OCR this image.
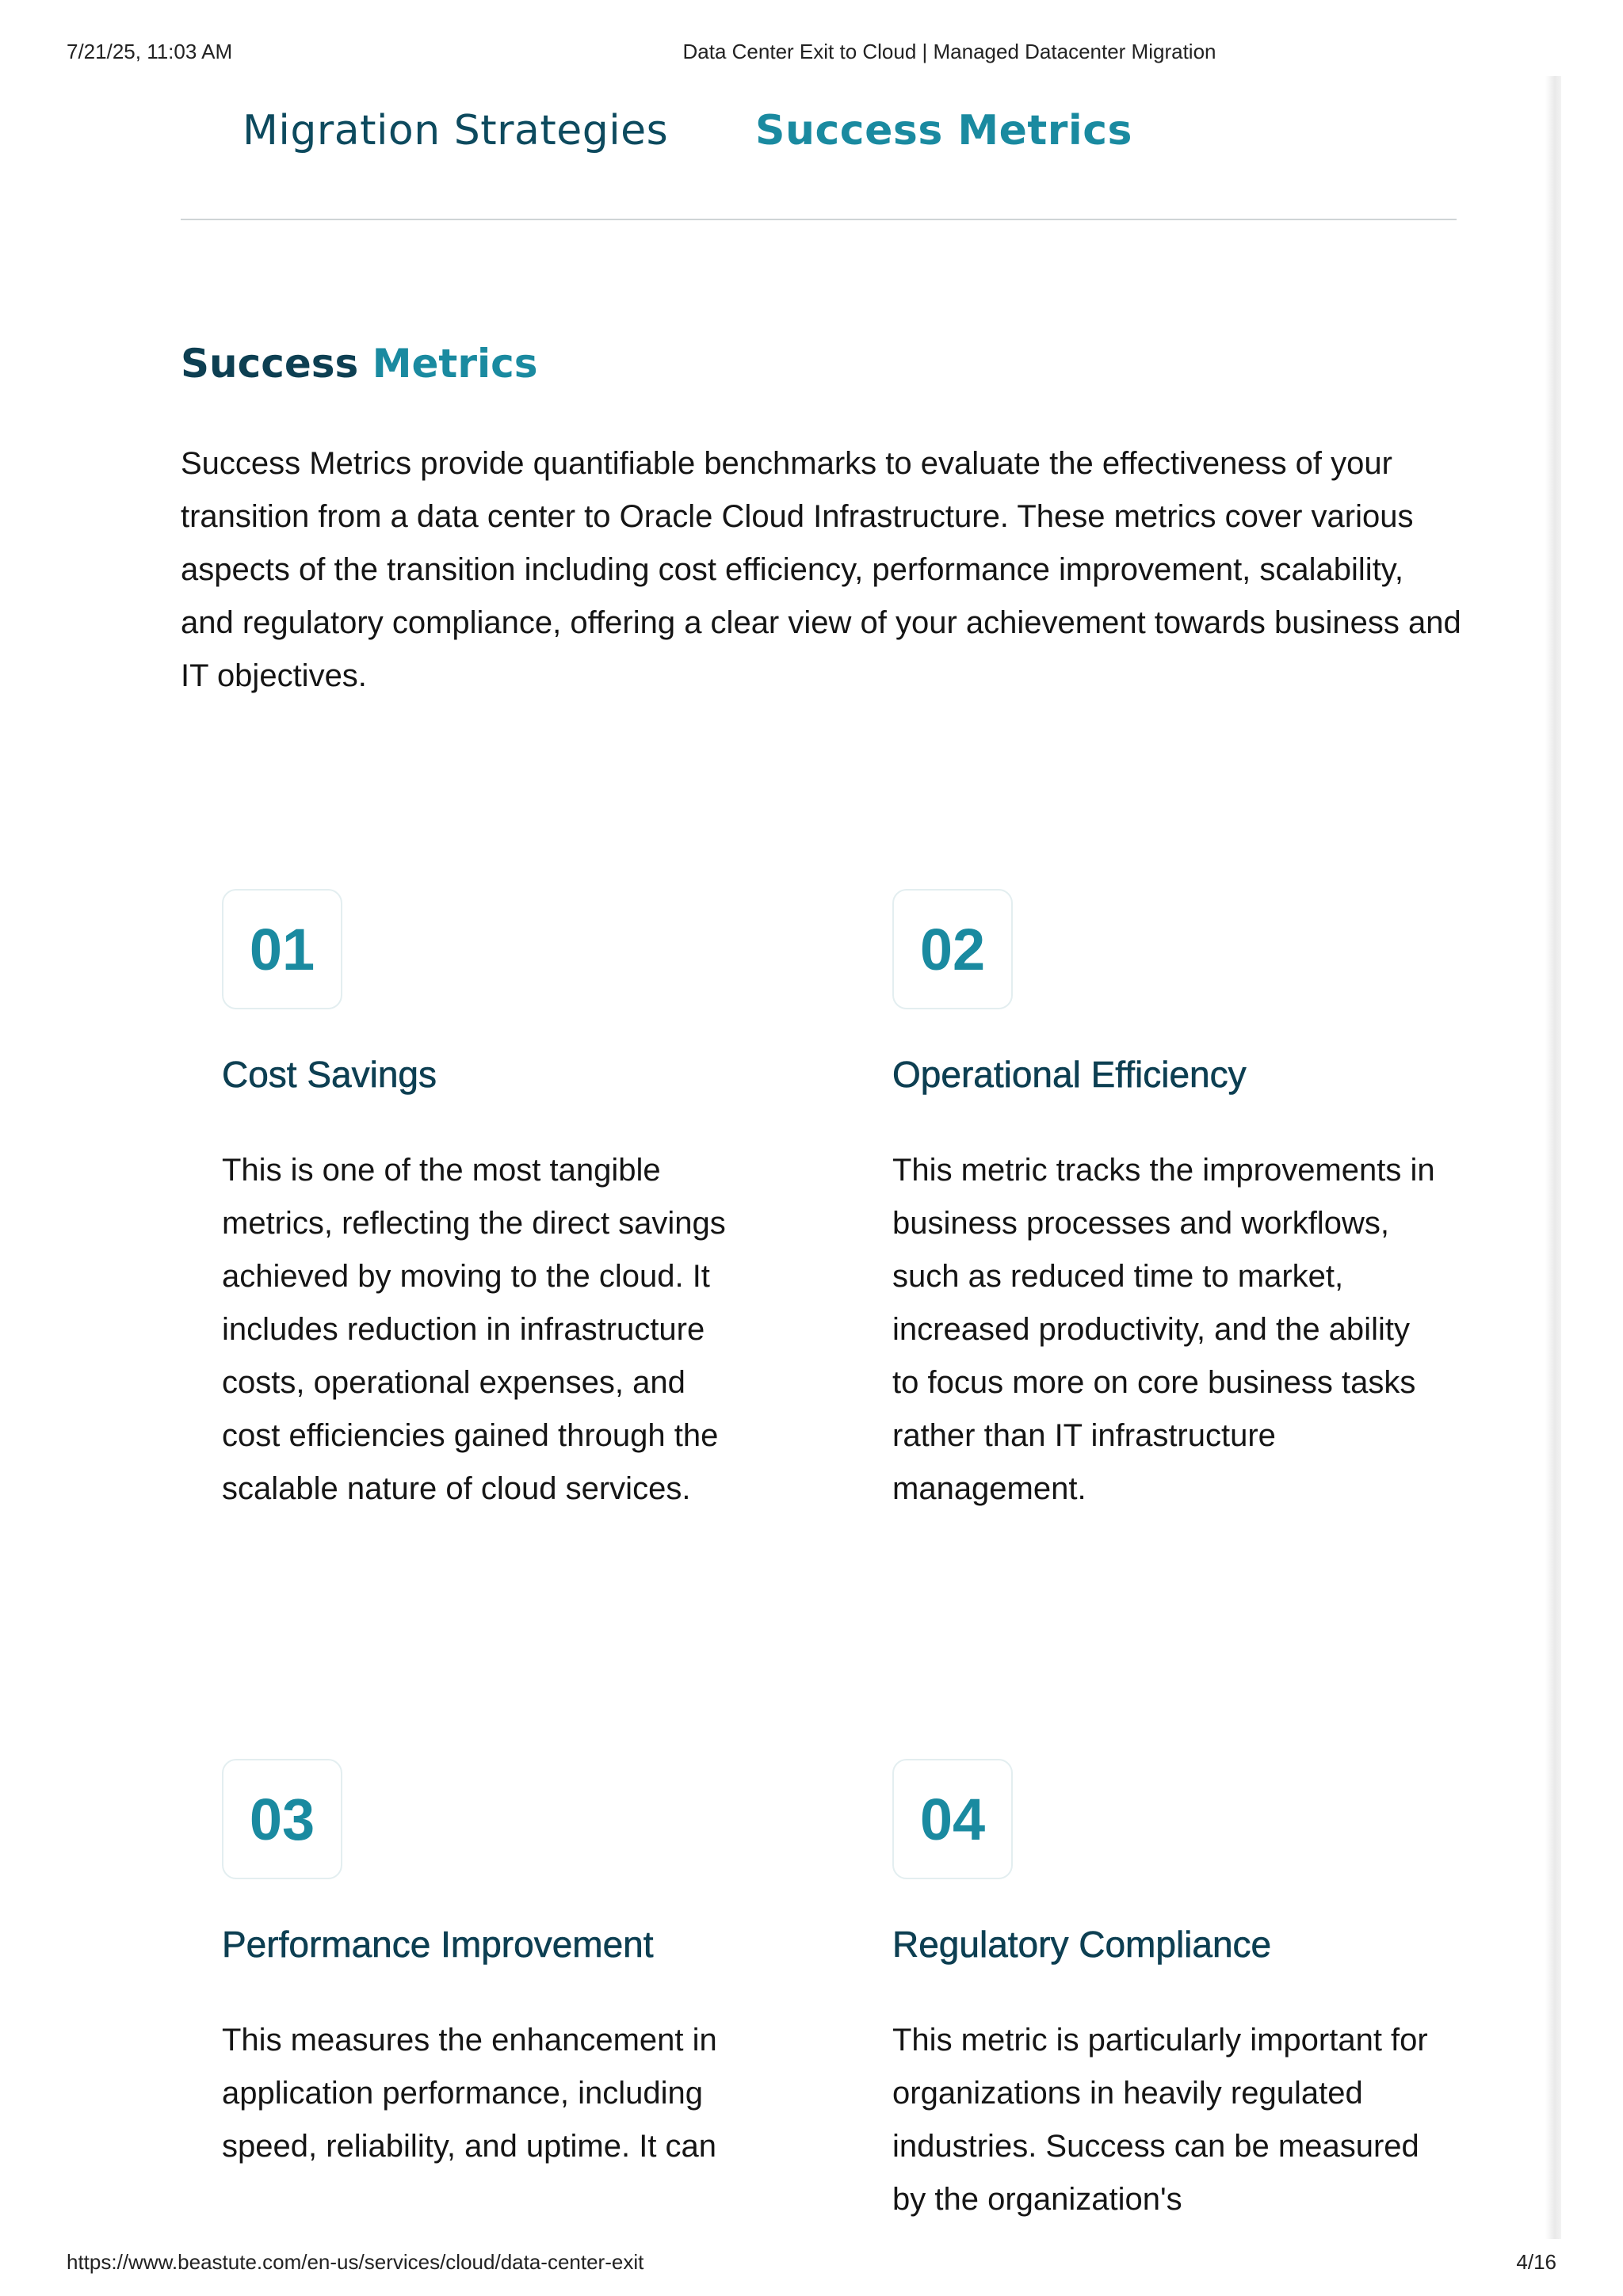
7/21/25, 11:03 AM	Data Center Exit to Cloud | Managed Datacenter Migration
Migration Strategies Success Metrics
Success Metrics

Success Metrics provide quantifiable benchmarks to evaluate the effectiveness of your transition from a data center to Oracle Cloud Infrastructure. These metrics cover various aspects of the transition including cost efficiency, performance improvement, scalability, and regulatory compliance, offering a clear view of your achievement towards business and IT objectives.

01
Cost Savings
This is one of the most tangible metrics, reflecting the direct savings achieved by moving to the cloud. It includes reduction in infrastructure costs, operational expenses, and cost efficiencies gained through the scalable nature of cloud services.
02
Operational Efficiency
This metric tracks the improvements in business processes and workflows, such as reduced time to market, increased productivity, and the ability to focus more on core business tasks rather than IT infrastructure management.
03
Performance Improvement
This measures the enhancement in application performance, including speed, reliability, and uptime. It can
04
Regulatory Compliance
This metric is particularly important for organizations in heavily regulated industries. Success can be measured by the organization's
https://www.beastute.com/en-us/services/cloud/data-center-exit	4/16
